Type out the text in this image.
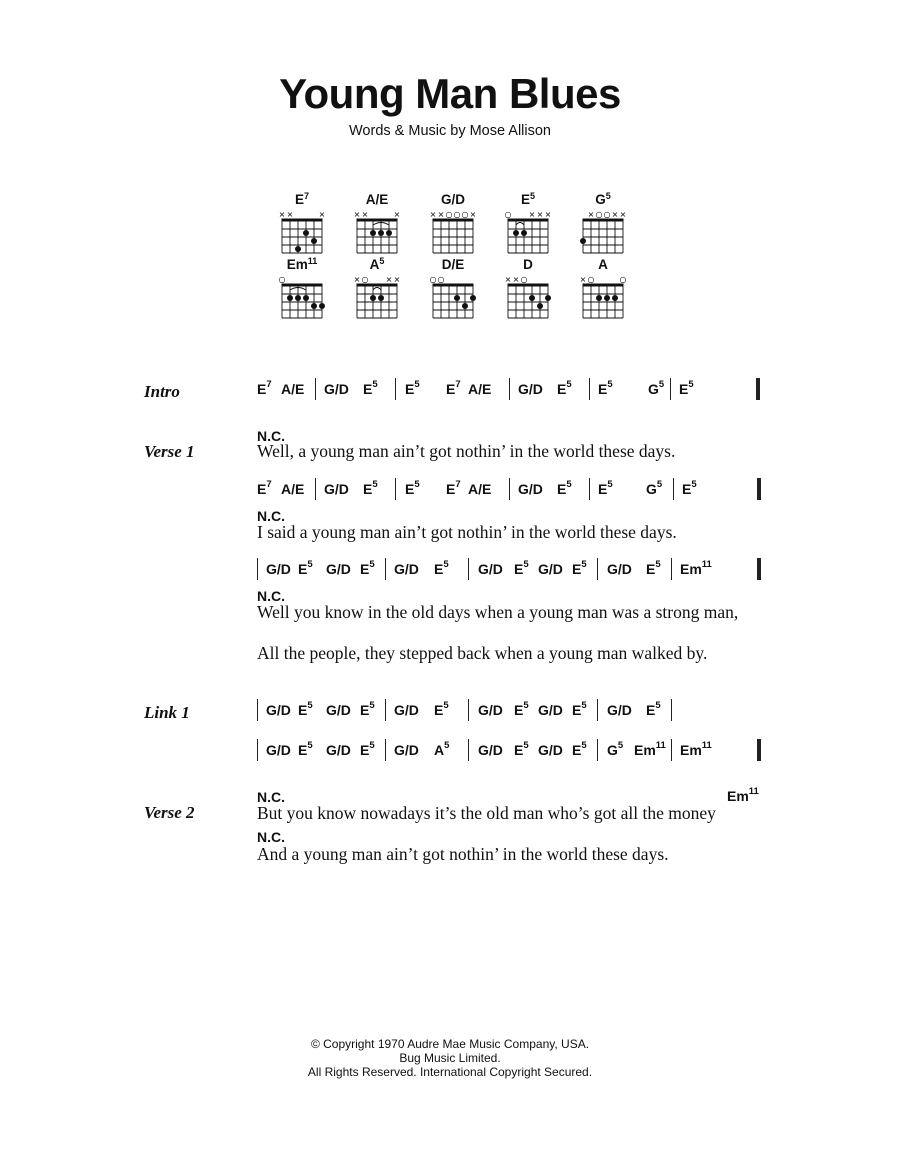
Young Man Blues
Words & Music by Mose Allison
$E^7$
× ×	×
A/E
× ×	×
G/D
× × ○ ○ ○ ×
$E^5$
○ × × ×
$G^5$
× ○ ○ × ×
$Em^{11}$
○
$A^5$
× ○ × ×
D/E
○ ○
D
× × ○
A
× ○	○
Intro
Verse 1
Link 1
Verse 2
N.C.
N.C.
N.C.
N.C.
N.C.
Well, a young man ain’t got nothin’ in the world these days.
I said a young man ain’t got nothin’ in the world these days.
Well you know in the old days when a young man was a strong man,
All the people, they stepped back when a young man walked by.
But you know nowadays it’s the old man who’s got all the money
And a young man ain’t got nothin’ in the world these days.
$E^7$ A/E G/D $E^5$ $E^5$ $E^7$ A/E G/D $E^5$ $E^5$	$G^5$ $E^5$
$E^7$ A/E G/D $E^5$ $E^5$ $E^7$ A/E G/D $E^5$ $E^5$ $G^5$ $E^5$
G/D $E^5$ G/D $E^5$ G/D $E^5$ G/D $E^5$ G/D $E^5$ G/D $E^5$ Em$^{11}$
G/D $E^5$ G/D $E^5$ G/D $E^5$ G/D $E^5$ G/D $E^5$ G/D $E^5$
G/D $E^5$ G/D $E^5$ G/D $A^5$ G/D $E^5$ G/D $E^5$ $G^5$ Em$^{11}$ Em$^{11}$
Em$^{11}$
© Copyright 1970 Audre Mae Music Company, USA.
Bug Music Limited.
All Rights Reserved. International Copyright Secured.
